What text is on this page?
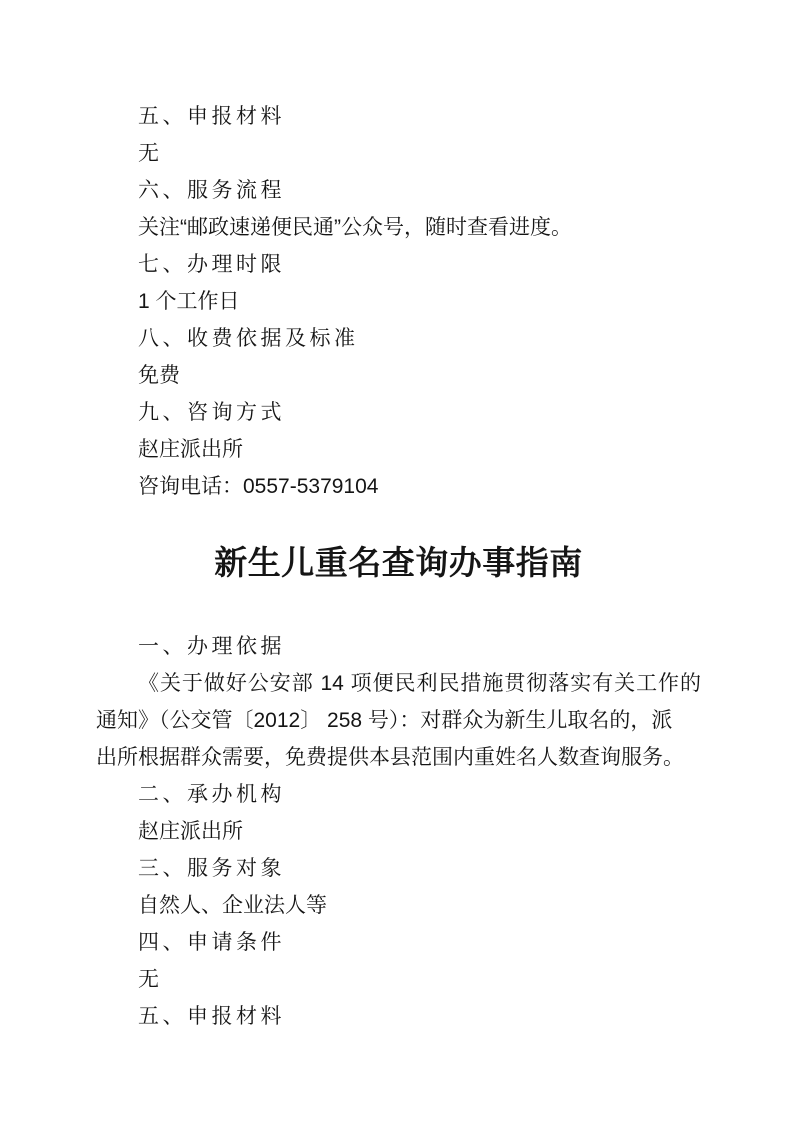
五、申报材料
无
六、服务流程
关注“邮政速递便民通”公众号，随时查看进度。
七、办理时限
1 个工作日
八、收费依据及标准
免费
九、咨询方式
赵庄派出所
咨询电话：0557-5379104
新生儿重名查询办事指南
一、办理依据
《关于做好公安部 14 项便民利民措施贯彻落实有关工作的
通知》（公交管〔2012〕 258 号）：对群众为新生儿取名的，派
出所根据群众需要，免费提供本县范围内重姓名人数查询服务。
二、承办机构
赵庄派出所
三、服务对象
自然人、企业法人等
四、申请条件
无
五、申报材料
